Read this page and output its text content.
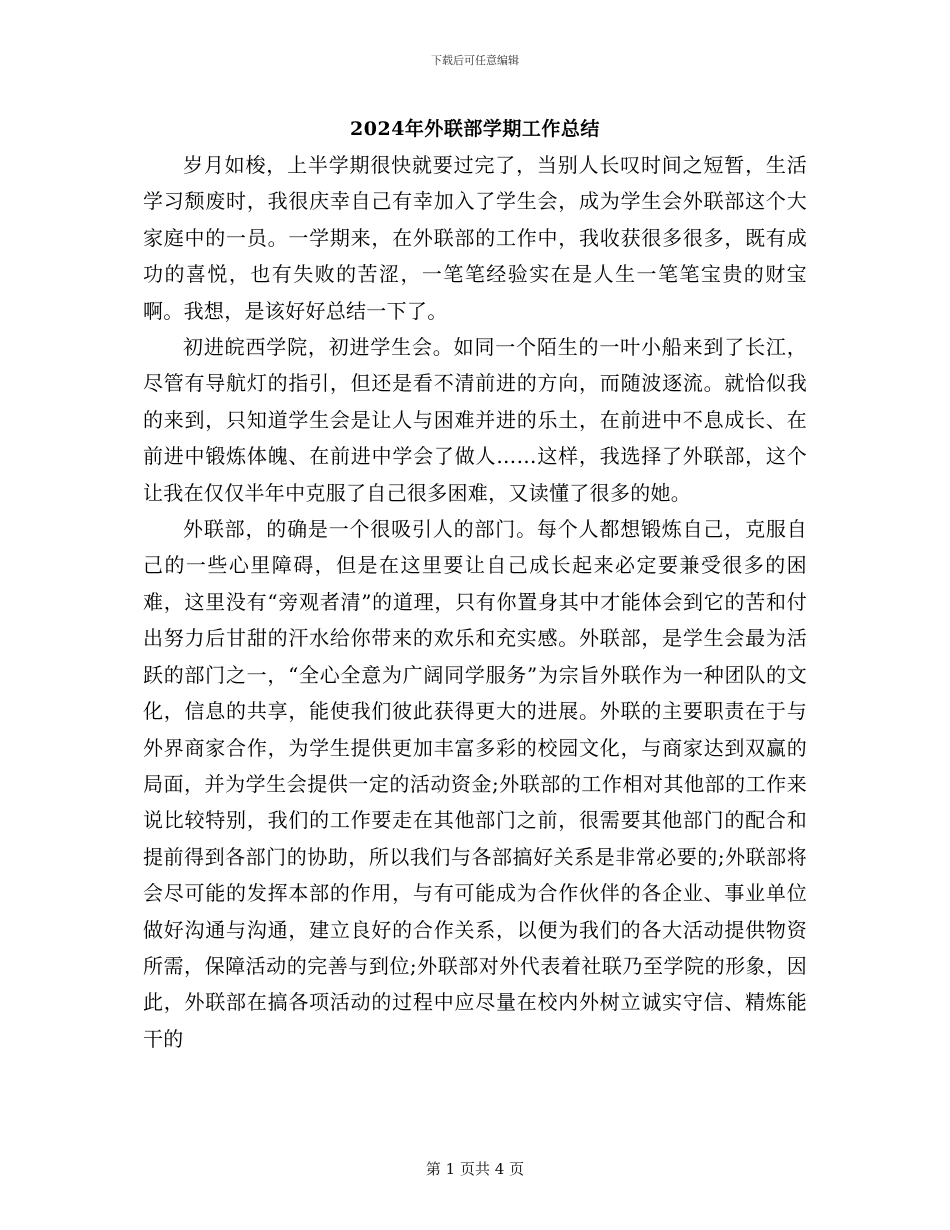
下载后可任意编辑
2024年外联部学期工作总结

岁月如梭，上半学期很快就要过完了，当别人长叹时间之短暂，生活学习颓废时，我很庆幸自己有幸加入了学生会，成为学生会外联部这个大家庭中的一员。一学期来，在外联部的工作中，我收获很多很多，既有成功的喜悦，也有失败的苦涩，一笔笔经验实在是人生一笔笔宝贵的财宝啊。我想，是该好好总结一下了。

初进皖西学院，初进学生会。如同一个陌生的一叶小船来到了长江，尽管有导航灯的指引，但还是看不清前进的方向，而随波逐流。就恰似我的来到，只知道学生会是让人与困难并进的乐土，在前进中不息成长、在前进中锻炼体魄、在前进中学会了做人……这样，我选择了外联部，这个让我在仅仅半年中克服了自己很多困难，又读懂了很多的她。

外联部，的确是一个很吸引人的部门。每个人都想锻炼自己，克服自己的一些心里障碍，但是在这里要让自己成长起来必定要兼受很多的困难，这里没有“旁观者清”的道理，只有你置身其中才能体会到它的苦和付出努力后甘甜的汗水给你带来的欢乐和充实感。外联部，是学生会最为活跃的部门之一，“全心全意为广阔同学服务”为宗旨外联作为一种团队的文化，信息的共享，能使我们彼此获得更大的进展。外联的主要职责在于与外界商家合作，为学生提供更加丰富多彩的校园文化，与商家达到双赢的局面，并为学生会提供一定的活动资金;外联部的工作相对其他部的工作来说比较特别，我们的工作要走在其他部门之前，很需要其他部门的配合和提前得到各部门的协助，所以我们与各部搞好关系是非常必要的;外联部将会尽可能的发挥本部的作用，与有可能成为合作伙伴的各企业、事业单位做好沟通与沟通，建立良好的合作关系，以便为我们的各大活动提供物资所需，保障活动的完善与到位;外联部对外代表着社联乃至学院的形象，因此，外联部在搞各项活动的过程中应尽量在校内外树立诚实守信、精炼能干的

第 1 页共 4 页
